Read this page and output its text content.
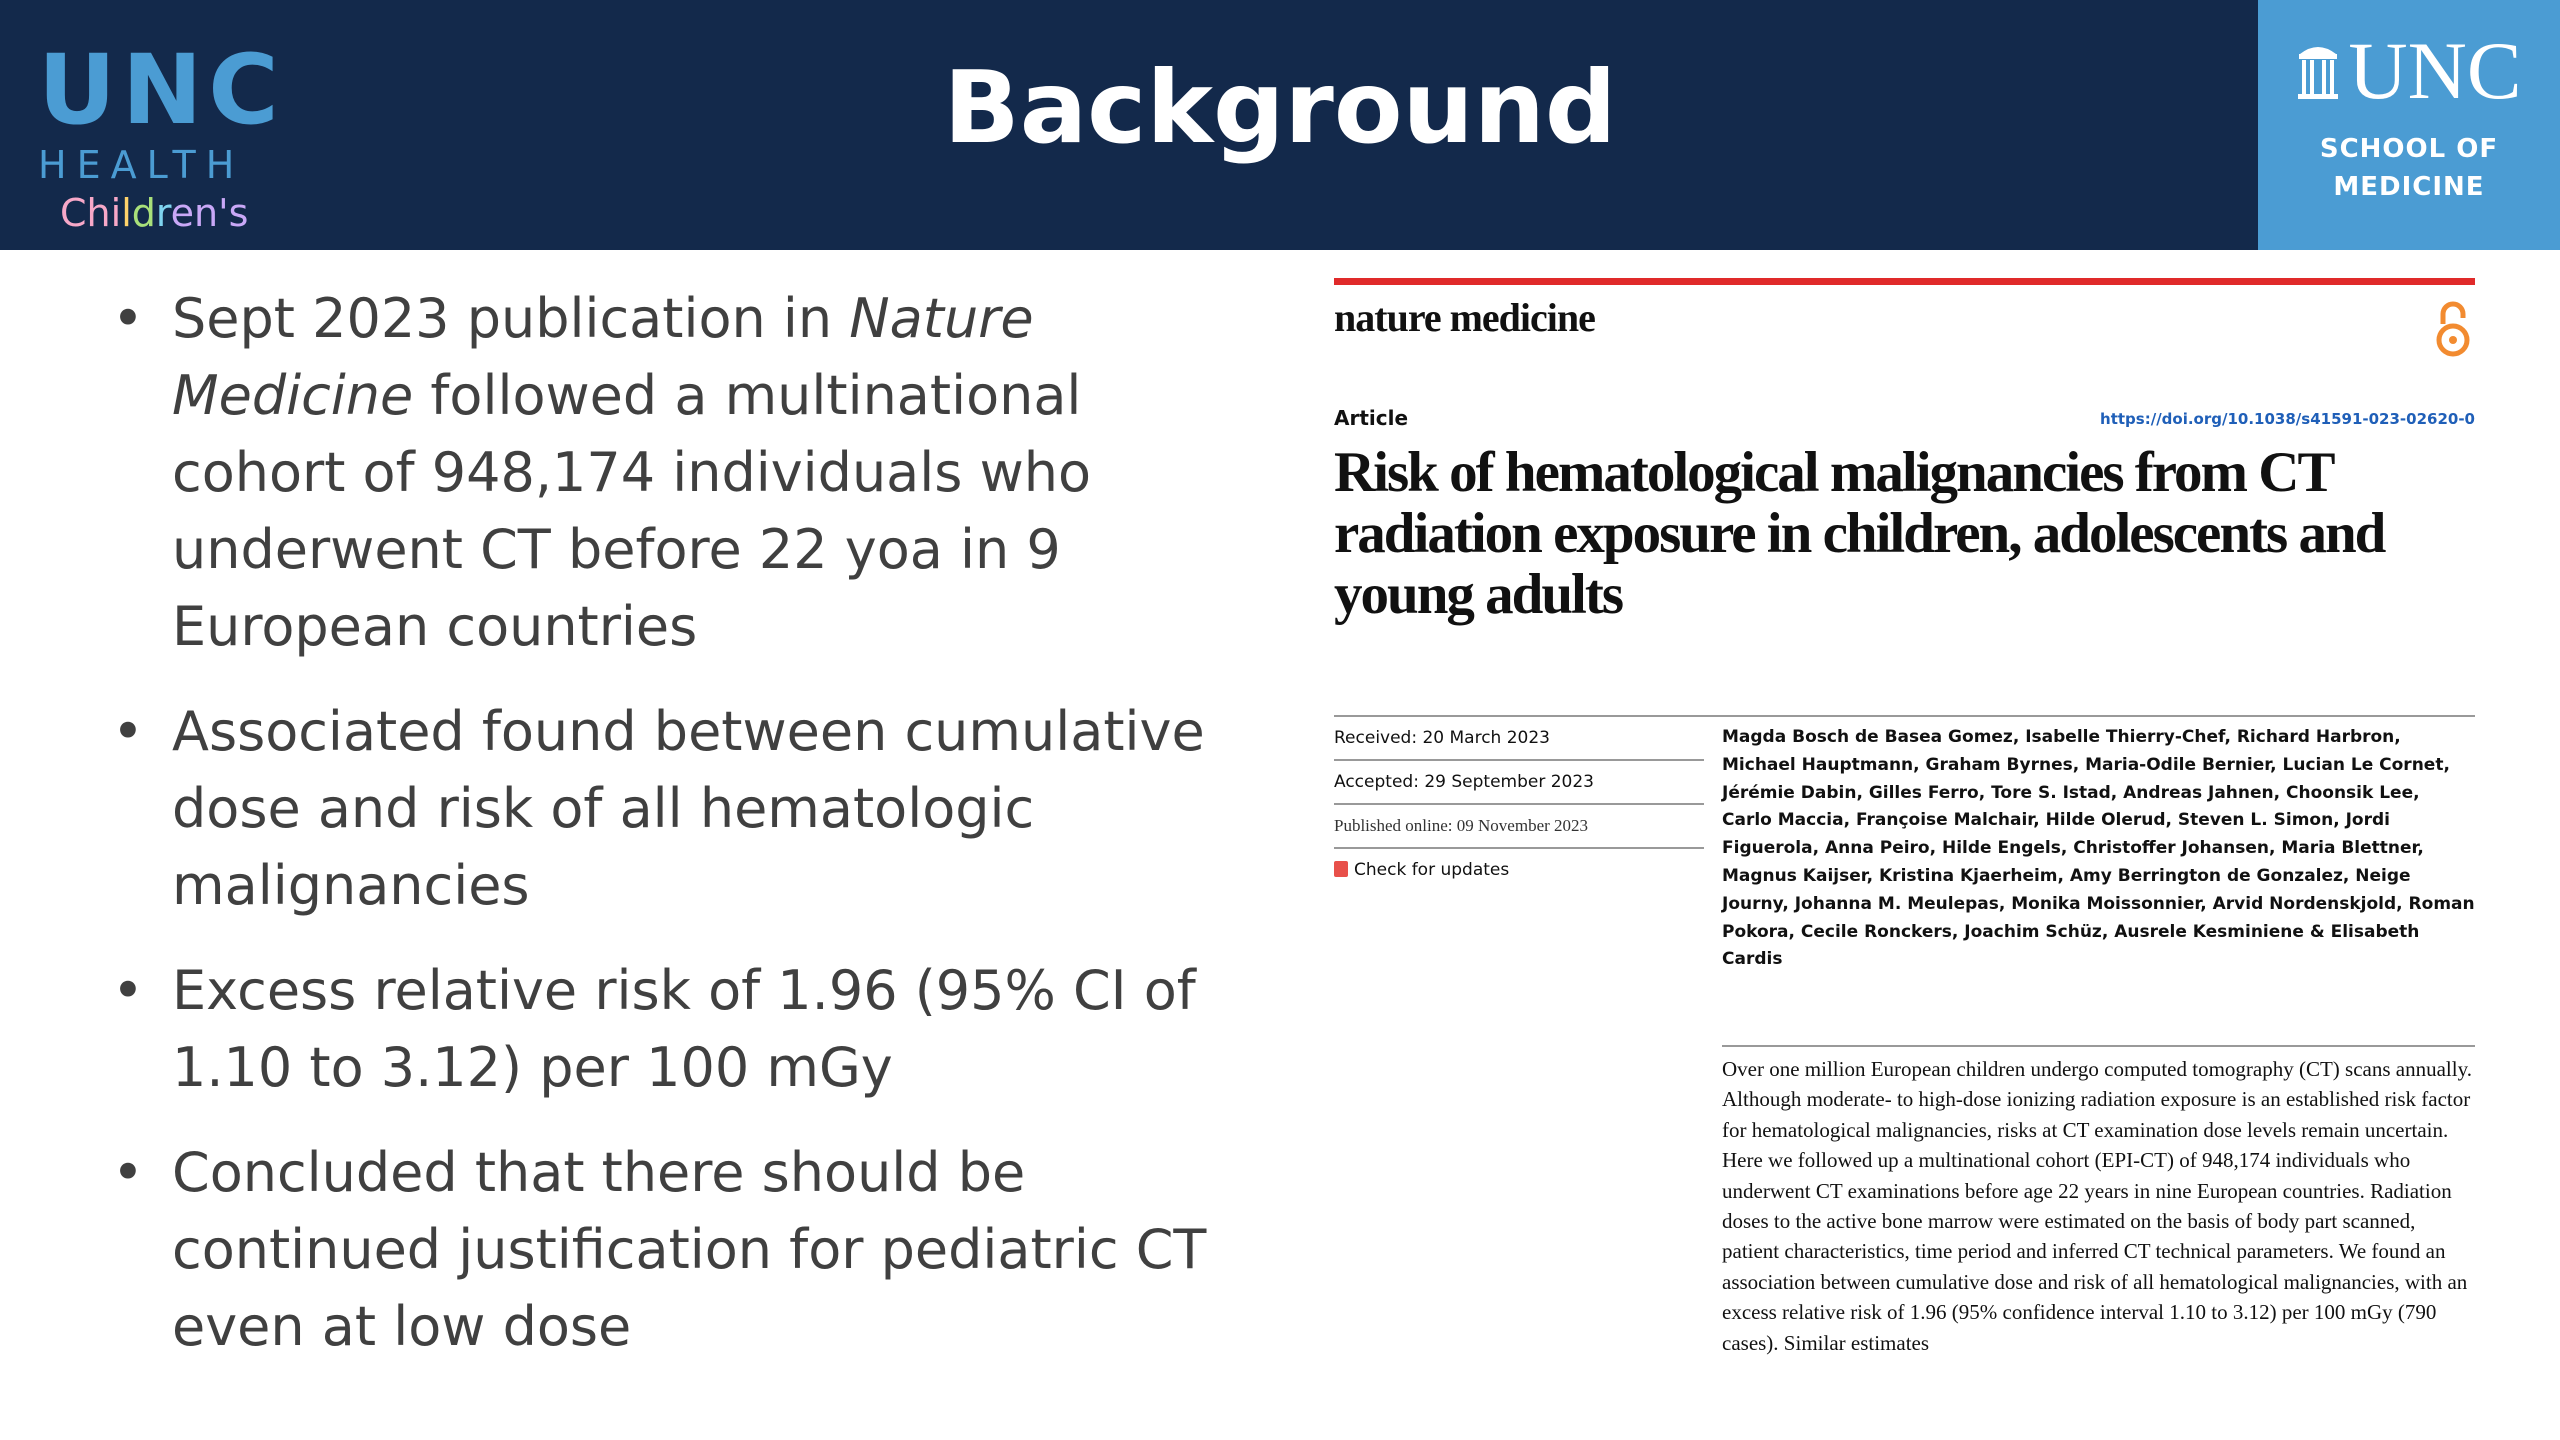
UNC
HEALTH
Children's
Background	UNC
SCHOOL OF
MEDICINE
• Sept 2023 publication in Nature Medicine followed a multinational cohort of 948,174 individuals who underwent CT before 22 yoa in 9 European countries
• Associated found between cumulative dose and risk of all hematologic malignancies
• Excess relative risk of 1.96 (95% CI of 1.10 to 3.12) per 100 mGy
• Concluded that there should be continued justification for pediatric CT even at low dose
nature medicine
Article	https://doi.org/10.1038/s41591-023-02620-0
Risk of hematological malignancies from CT radiation exposure in children, adolescents and young adults
Received: 20 March 2023
Accepted: 29 September 2023
Published online: 09 November 2023
Check for updates
Magda Bosch de Basea Gomez, Isabelle Thierry-Chef, Richard Harbron, Michael Hauptmann, Graham Byrnes, Maria-Odile Bernier, Lucian Le Cornet, Jérémie Dabin, Gilles Ferro, Tore S. Istad, Andreas Jahnen, Choonsik Lee, Carlo Maccia, Françoise Malchair, Hilde Olerud, Steven L. Simon, Jordi Figuerola, Anna Peiro, Hilde Engels, Christoffer Johansen, Maria Blettner, Magnus Kaijser, Kristina Kjaerheim, Amy Berrington de Gonzalez, Neige Journy, Johanna M. Meulepas, Monika Moissonnier, Arvid Nordenskjold, Roman Pokora, Cecile Ronckers, Joachim Schüz, Ausrele Kesminiene & Elisabeth Cardis
Over one million European children undergo computed tomography (CT) scans annually. Although moderate- to high-dose ionizing radiation exposure is an established risk factor for hematological malignancies, risks at CT examination dose levels remain uncertain. Here we followed up a multinational cohort (EPI-CT) of 948,174 individuals who underwent CT examinations before age 22 years in nine European countries. Radiation doses to the active bone marrow were estimated on the basis of body part scanned, patient characteristics, time period and inferred CT technical parameters. We found an association between cumulative dose and risk of all hematological malignancies, with an excess relative risk of 1.96 (95% confidence interval 1.10 to 3.12) per 100 mGy (790 cases). Similar estimates
